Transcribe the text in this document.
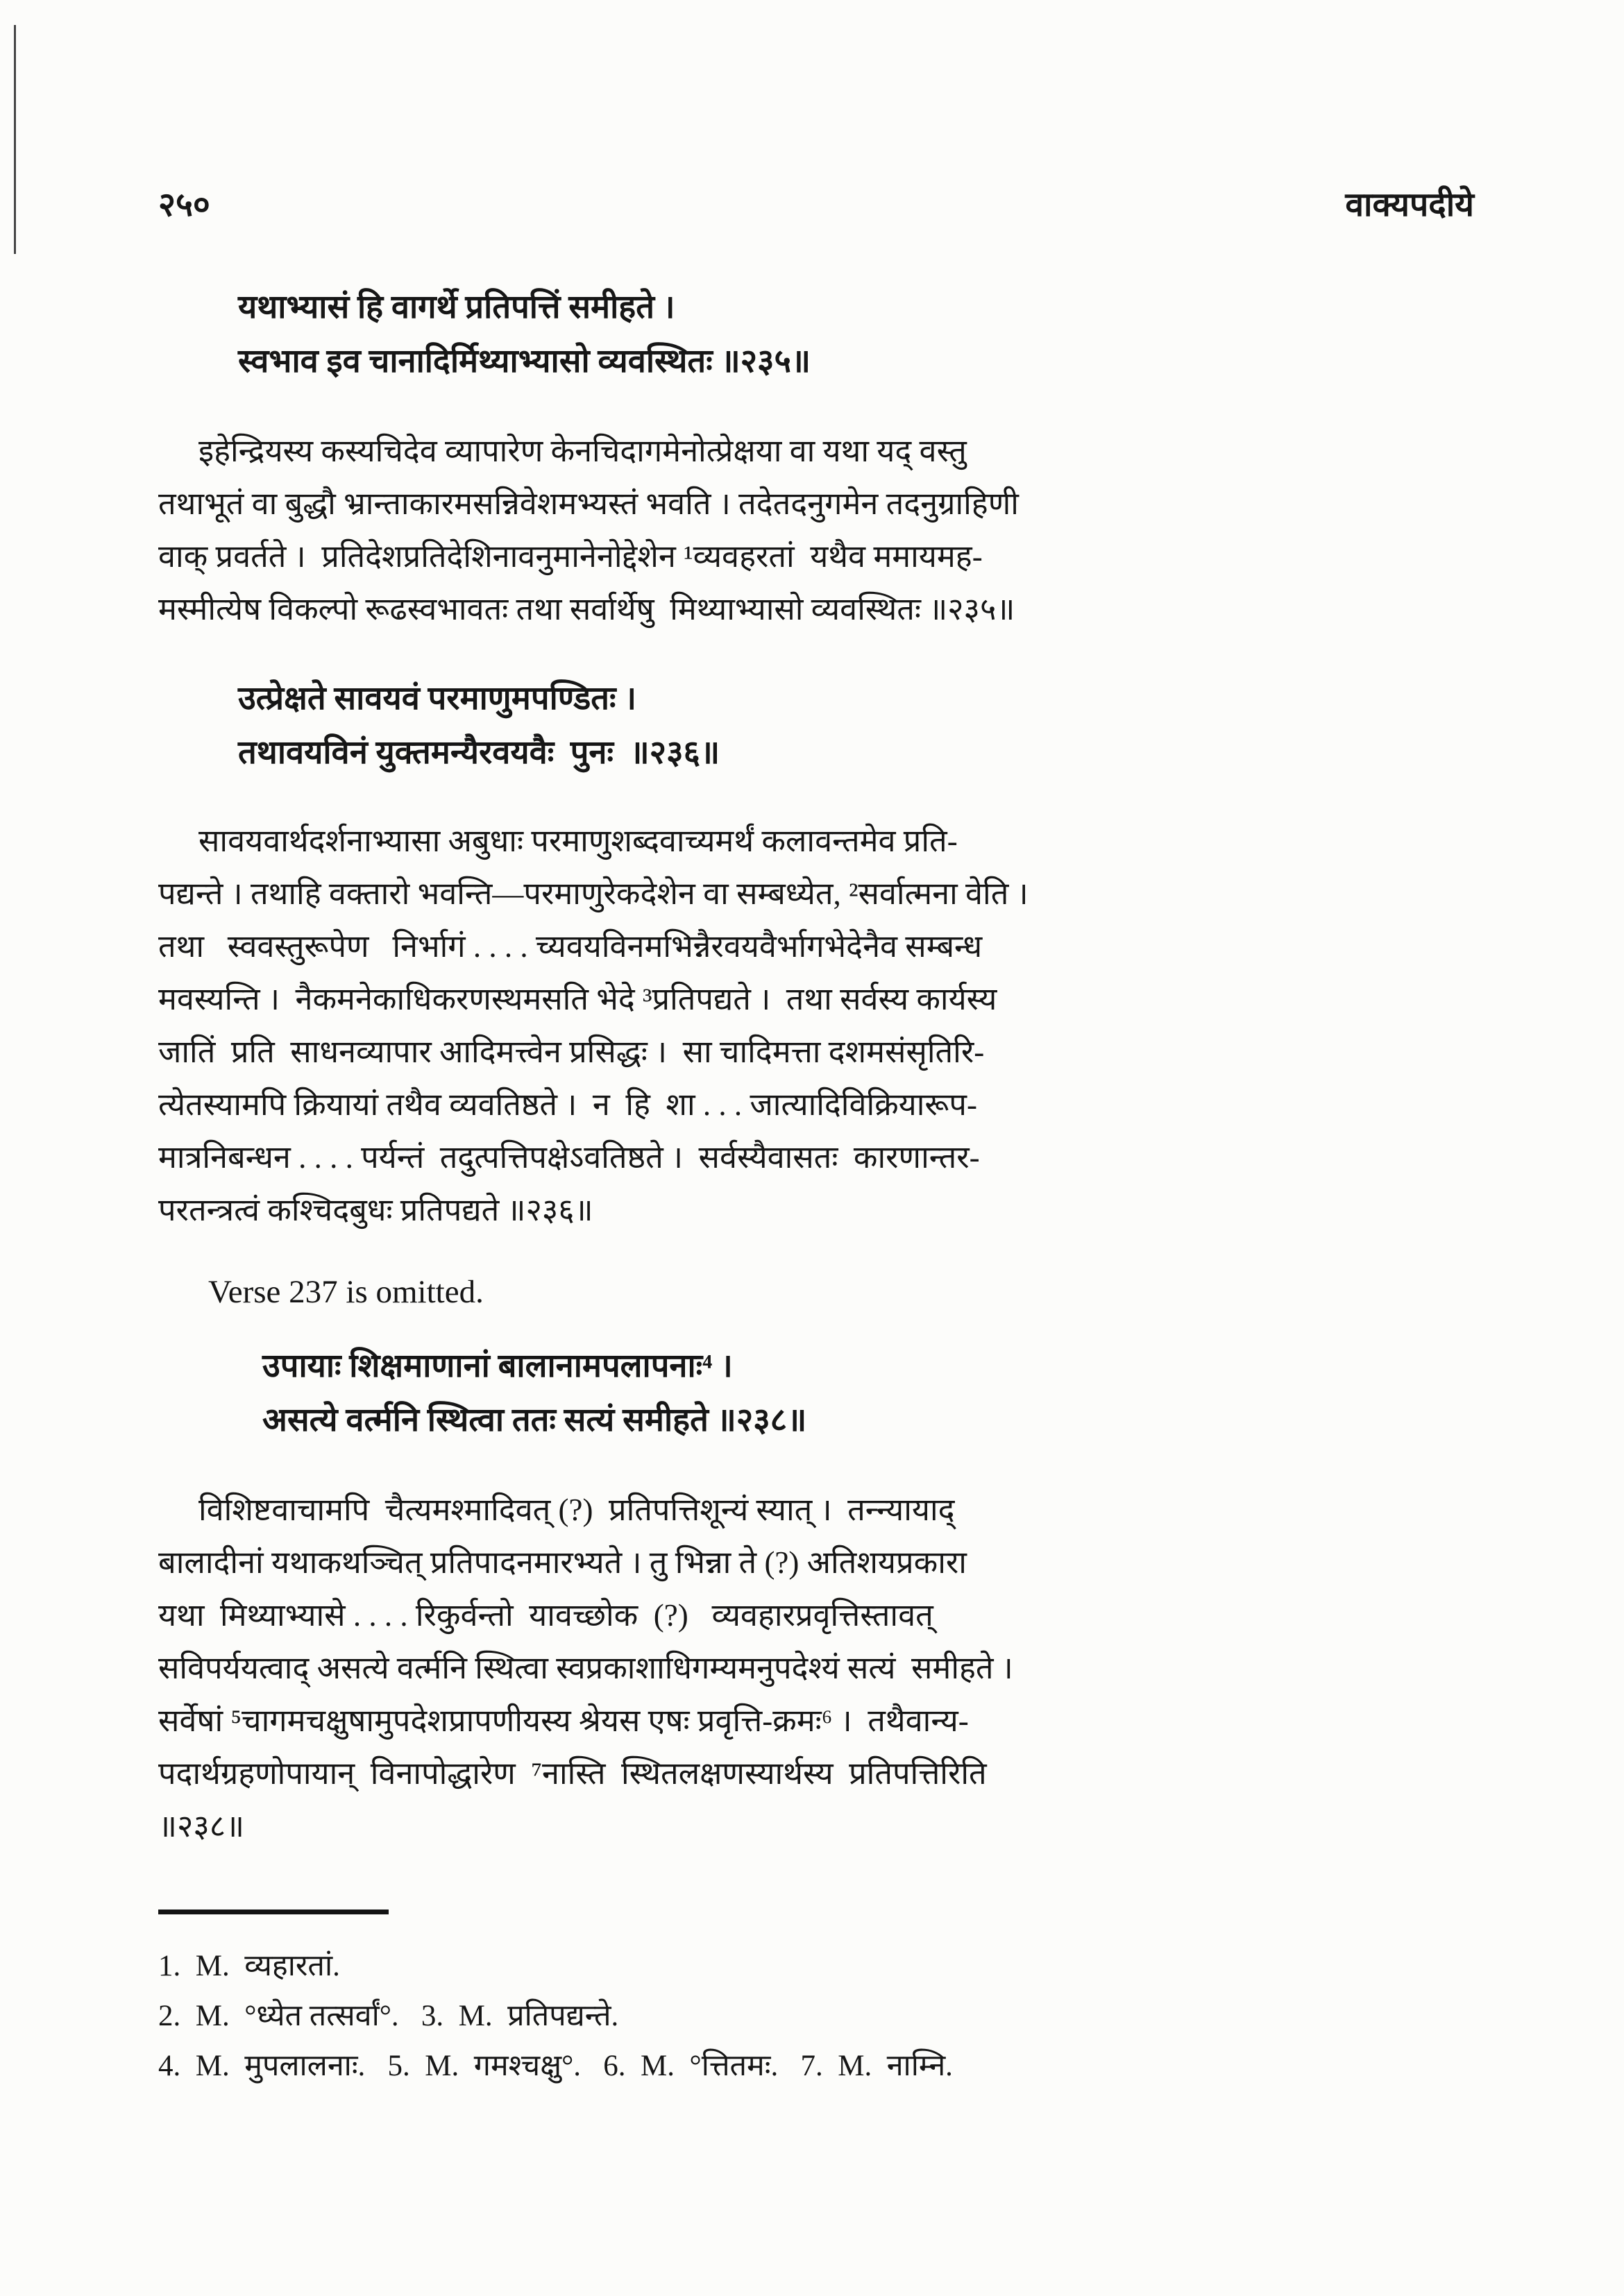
२५०	वाक्यपदीये
यथाभ्यासं हि वागर्थे प्रतिपत्तिं समीहते ।
स्वभाव इव चानादिर्मिथ्याभ्यासो व्यवस्थितः ॥२३५॥
इहेन्द्रियस्य कस्यचिदेव व्यापारेण केनचिदागमेनोत्प्रेक्षया वा यथा यद् वस्तु
तथाभूतं वा बुद्धौ भ्रान्ताकारमसन्निवेशमभ्यस्तं भवति । तदेतदनुगमेन तदनुग्राहिणी
वाक् प्रवर्तते ।  प्रतिदेशप्रतिदेशिनावनुमानेनोद्देशेन ¹व्यवहरतां  यथैव ममायमह-
मस्मीत्येष विकल्पो रूढस्वभावतः तथा सर्वार्थेषु  मिथ्याभ्यासो व्यवस्थितः ॥२३५॥
उत्प्रेक्षते सावयवं परमाणुमपण्डितः ।
तथावयविनं युक्तमन्यैरवयवैः  पुनः  ॥२३६॥
सावयवार्थदर्शनाभ्यासा अबुधाः परमाणुशब्दवाच्यमर्थं कलावन्तमेव प्रति-
पद्यन्ते । तथाहि वक्तारो भवन्ति—परमाणुरेकदेशेन वा सम्बध्येत, ²सर्वात्मना वेति ।
तथा   स्ववस्तुरूपेण   निर्भागं . . . . च्यवयविनमभिन्नैरवयवैर्भागभेदेनैव सम्बन्ध
मवस्यन्ति ।  नैकमनेकाधिकरणस्थमसति भेदे ³प्रतिपद्यते ।  तथा सर्वस्य कार्यस्य
जातिं  प्रति  साधनव्यापार आदिमत्त्वेन प्रसिद्धः ।  सा चादिमत्ता दशमसंसृतिरि-
त्येतस्यामपि क्रियायां तथैव व्यवतिष्ठते ।  न  हि  शा . . . जात्यादिविक्रियारूप-
मात्रनिबन्धन . . . . पर्यन्तं  तदुत्पत्तिपक्षेऽवतिष्ठते ।  सर्वस्यैवासतः  कारणान्तर-
परतन्त्रत्वं कश्चिदबुधः प्रतिपद्यते ॥२३६॥
Verse 237 is omitted.
उपायाः शिक्षमाणानां बालानामपलापनाः⁴ ।
असत्ये वर्त्मनि स्थित्वा ततः सत्यं समीहते ॥२३८॥
विशिष्टवाचामपि  चैत्यमश्मादिवत् (?)  प्रतिपत्तिशून्यं स्यात् ।  तन्न्यायाद्
बालादीनां यथाकथञ्चित् प्रतिपादनमारभ्यते । तु भिन्ना ते (?) अतिशयप्रकारा
यथा  मिथ्याभ्यासे . . . . रिकुर्वन्तो  यावच्छोक  (?)   व्यवहारप्रवृत्तिस्तावत्
सविपर्ययत्वाद् असत्ये वर्त्मनि स्थित्वा स्वप्रकाशाधिगम्यमनुपदेश्यं सत्यं  समीहते ।
सर्वेषां ⁵चागमचक्षुषामुपदेशप्रापणीयस्य श्रेयस एषः प्रवृत्ति-क्रमः⁶ ।  तथैवान्य-
पदार्थग्रहणोपायान्  विनापोद्धारेण  ⁷नास्ति  स्थितलक्षणस्यार्थस्य  प्रतिपत्तिरिति
॥२३८॥
1.  M.  व्यहारतां.
2.  M.  °ध्येत तत्सर्वां°.   3.  M.  प्रतिपद्यन्ते.
4.  M.  मुपलालनाः.   5.  M.  गमश्चक्षु°.   6.  M.  °त्तितमः.   7.  M.  नाम्नि.
